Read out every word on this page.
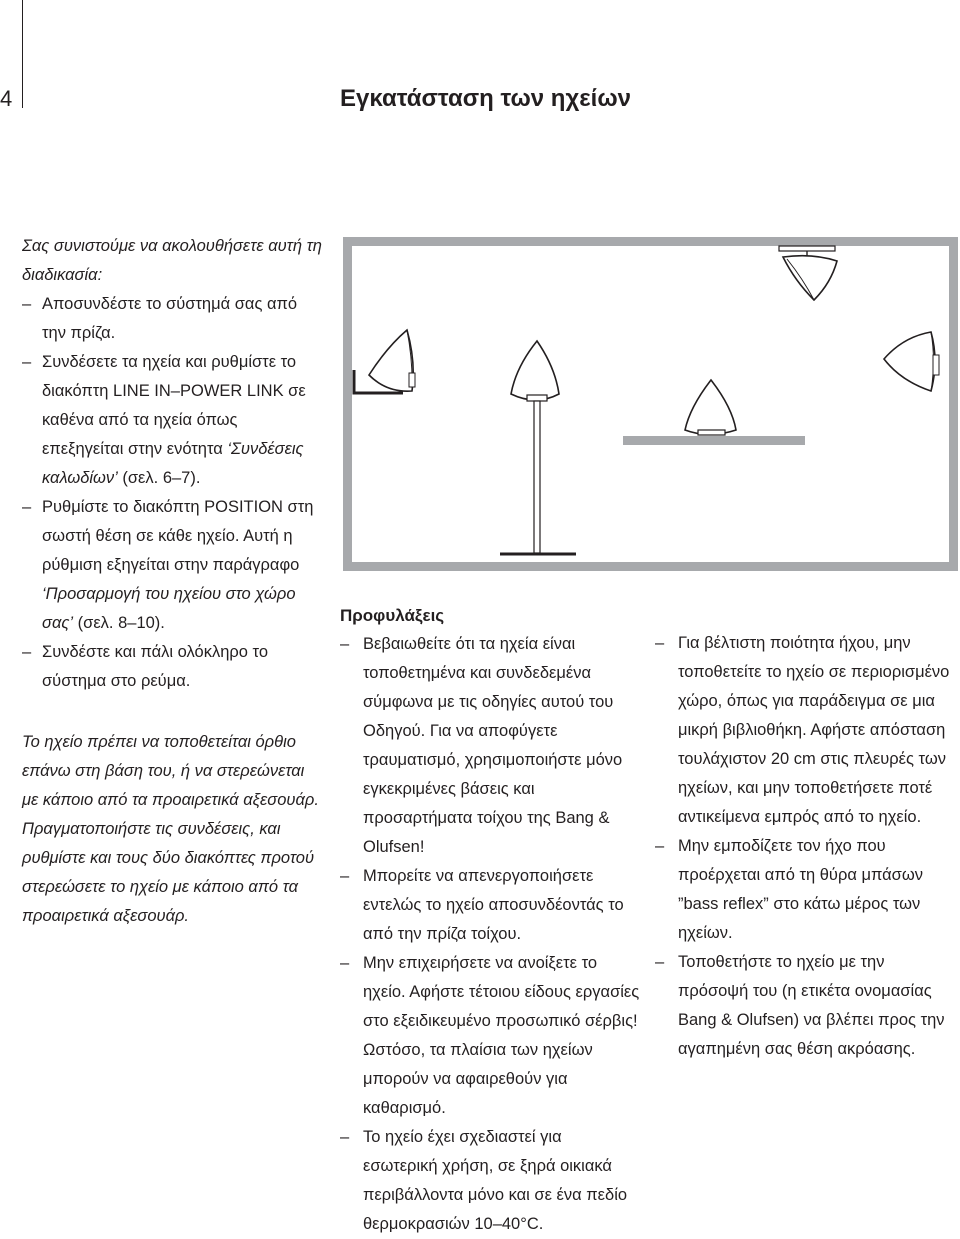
4	Εγκατάσταση των ηχείων

Σας συνιστούμε να ακολουθήσετε αυτή τη διαδικασία:

– Αποσυνδέστε το σύστημά σας από την πρίζα.
– Συνδέσετε τα ηχεία και ρυθμίστε το διακόπτη LINE IN–POWER LINK σε καθένα από τα ηχεία όπως επεξηγείται στην ενότητα ‘Συνδέσεις καλωδίων’ (σελ. 6–7).
– Ρυθμίστε το διακόπτη POSITION στη σωστή θέση σε κάθε ηχείο. Αυτή η ρύθμιση εξηγείται στην παράγραφο ‘Προσαρμογή του ηχείου στο χώρο σας’ (σελ. 8–10).
– Συνδέστε και πάλι ολόκληρο το σύστημα στο ρεύμα.

Το ηχείο πρέπει να τοποθετείται όρθιο επάνω στη βάση του, ή να στερεώνεται με κάποιο από τα προαιρετικά αξεσουάρ. Πραγματοποιήστε τις συνδέσεις, και ρυθμίστε και τους δύο διακόπτες προτού στερεώσετε το ηχείο με κάποιο από τα προαιρετικά αξεσουάρ.

Προφυλάξεις
– Βεβαιωθείτε ότι τα ηχεία είναι τοποθετημένα και συνδεδεμένα σύμφωνα με τις οδηγίες αυτού του Οδηγού. Για να αποφύγετε τραυματισμό, χρησιμοποιήστε μόνο εγκεκριμένες βάσεις και προσαρτήματα τοίχου της Bang & Olufsen!
– Μπορείτε να απενεργοποιήσετε εντελώς το ηχείο αποσυνδέοντάς το από την πρίζα τοίχου.
– Μην επιχειρήσετε να ανοίξετε το ηχείο. Αφήστε τέτοιου είδους εργασίες στο εξειδικευμένο προσωπικό σέρβις! Ωστόσο, τα πλαίσια των ηχείων μπορούν να αφαιρεθούν για καθαρισμό.
– Το ηχείο έχει σχεδιαστεί για εσωτερική χρήση, σε ξηρά οικιακά περιβάλλοντα μόνο και σε ένα πεδίο θερμοκρασιών 10–40°C.
– Για βέλτιστη ποιότητα ήχου, μην τοποθετείτε το ηχείο σε περιορισμένο χώρο, όπως για παράδειγμα σε μια μικρή βιβλιοθήκη. Αφήστε απόσταση τουλάχιστον 20 cm στις πλευρές των ηχείων, και μην τοποθετήσετε ποτέ αντικείμενα εμπρός από το ηχείο.
– Μην εμποδίζετε τον ήχο που προέρχεται από τη θύρα μπάσων ”bass reflex” στο κάτω μέρος των ηχείων.
– Τοποθετήστε το ηχείο με την πρόσοψή του (η ετικέτα ονομασίας Bang & Olufsen) να βλέπει προς την αγαπημένη σας θέση ακρόασης.
